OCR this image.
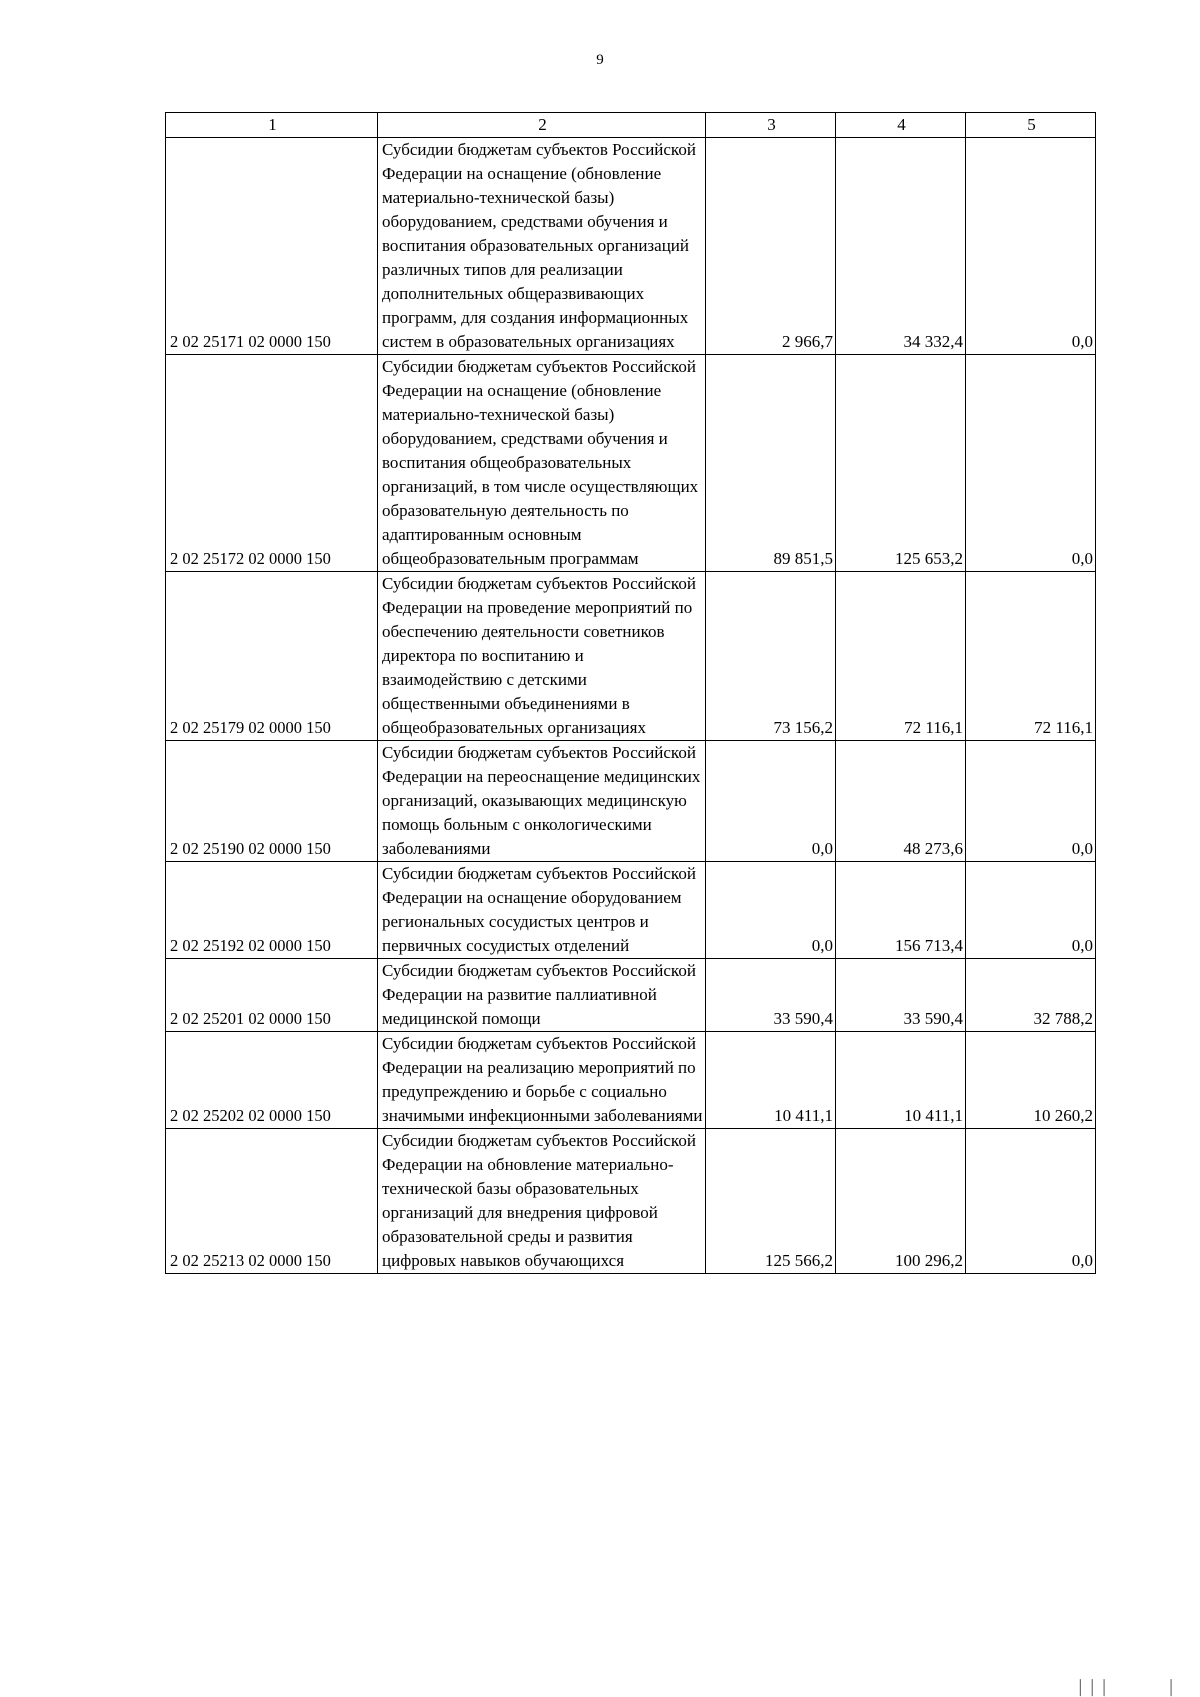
9
1	2	3	4	5
2 02 25171 02 0000 150	Субсидии бюджетам субъектов Российской Федерации на оснащение (обновление материально-технической базы) оборудованием, средствами обучения и воспитания образовательных организаций различных типов для реализации дополнительных общеразвивающих программ, для создания информационных систем в образовательных организациях	2 966,7	34 332,4	0,0
2 02 25172 02 0000 150	Субсидии бюджетам субъектов Российской Федерации на оснащение (обновление материально-технической базы) оборудованием, средствами обучения и воспитания общеобразовательных организаций, в том числе осуществляющих образовательную деятельность по адаптированным основным общеобразовательным программам	89 851,5	125 653,2	0,0
2 02 25179 02 0000 150	Субсидии бюджетам субъектов Российской Федерации на проведение мероприятий по обеспечению деятельности советников директора по воспитанию и взаимодействию с детскими общественными объединениями в общеобразовательных организациях	73 156,2	72 116,1	72 116,1
2 02 25190 02 0000 150	Субсидии бюджетам субъектов Российской Федерации на переоснащение медицинских организаций, оказывающих медицинскую помощь больным с онкологическими заболеваниями	0,0	48 273,6	0,0
2 02 25192 02 0000 150	Субсидии бюджетам субъектов Российской Федерации на оснащение оборудованием региональных сосудистых центров и первичных сосудистых отделений	0,0	156 713,4	0,0
2 02 25201 02 0000 150	Субсидии бюджетам субъектов Российской Федерации на развитие паллиативной медицинской помощи	33 590,4	33 590,4	32 788,2
2 02 25202 02 0000 150	Субсидии бюджетам субъектов Российской Федерации на реализацию мероприятий по предупреждению и борьбе с социально значимыми инфекционными заболеваниями	10 411,1	10 411,1	10 260,2
2 02 25213 02 0000 150	Субсидии бюджетам субъектов Российской Федерации на обновление материально-технической базы образовательных организаций для внедрения цифровой образовательной среды и развития цифровых навыков обучающихся	125 566,2	100 296,2	0,0
│││          │
